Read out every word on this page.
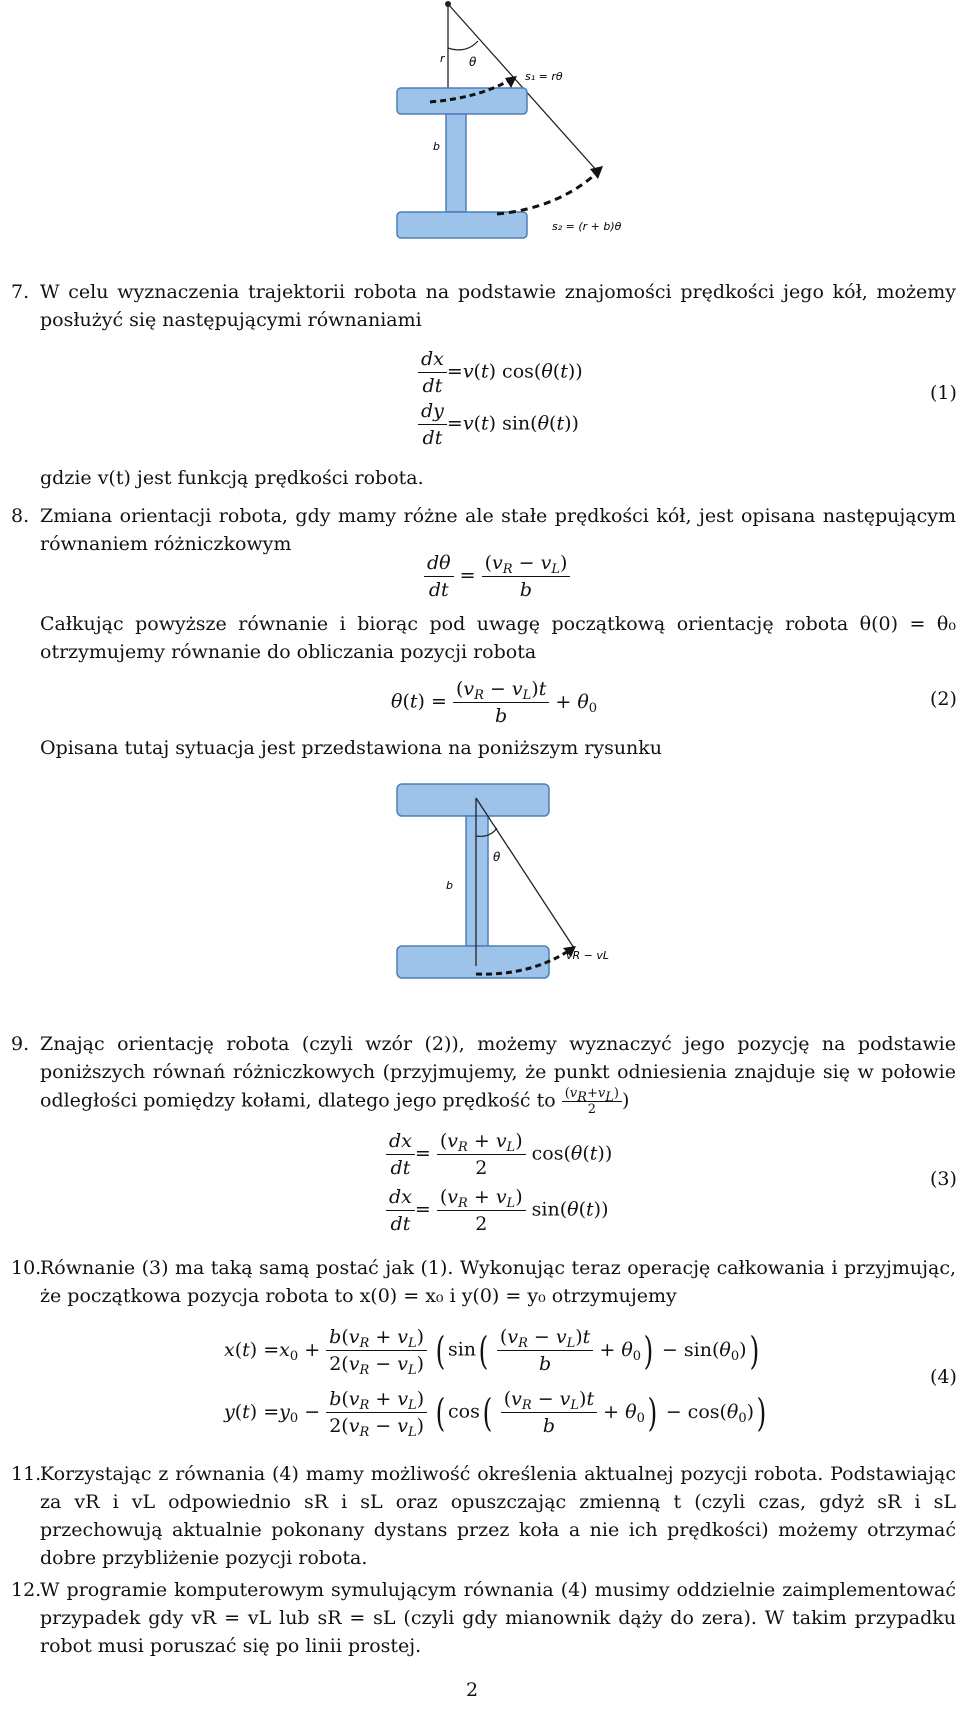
r θ
b
s₁ = rθ
s₂ = (r + b)θ
7. W celu wyznaczenia trajektorii robota na podstawie znajomości prędkości jego kół, możemy posłużyć się następującymi równaniami
$\frac{dx}{dt} =v(t)$ cos(θ(t))
$\frac{dy}{dt} =v(t)$ sin(θ(t))
(1)
gdzie v(t) jest funkcją prędkości robota.
8. Zmiana orientacji robota, gdy mamy różne ale stałe prędkości kół, jest opisana następującym równaniem różniczkowym
$\frac{d\theta}{dt} = \frac{(v_R - v_L)}{b}$
Całkując powyższe równanie i biorąc pod uwagę początkową orientację robota θ(0) = θ₀ otrzymujemy równanie do obliczania pozycji robota
$\theta(t) = \frac{(v_R - v_L)t}{b} + \theta_0$	(2)
Opisana tutaj sytuacja jest przedstawiona na poniższym rysunku
b
θ
vR − vL
9. Znając orientację robota (czyli wzór (2)), możemy wyznaczyć jego pozycję na podstawie poniższych równań różniczkowych (przyjmujemy, że punkt odniesienia znajduje się w połowie odległości pomiędzy kołami, dlatego jego prędkość to $\frac{(v_R+v_L)}{2}$ )
$\frac{dx}{dt} = \frac{(v_R + v_L)}{2} \cos(\theta(t))$
$\frac{dx}{dt} = \frac{(v_R + v_L)}{2} \sin(\theta(t))$
(3)
10.
Równanie (3) ma taką samą postać jak (1). Wykonując teraz operację całkowania i przyjmując, że początkowa pozycja robota to x(0) = x₀ i y(0) = y₀ otrzymujemy
$x(t) =x_0 + \frac{b(v_R + v_L)}{2(v_R - v_L)}$ ( $\sin( \frac{(v_R - v_L)t}{b} + \theta_0) - \sin(\theta_0)$)
$y(t) =y_0 - \frac{b(v_R + v_L)}{2(v_R - v_L)}$ ( $\cos( \frac{(v_R - v_L)t}{b} + \theta_0) - \cos(\theta_0)$)
(4)
11.
Korzystając z równania (4) mamy możliwość określenia aktualnej pozycji robota. Podstawiając za vR i vL odpowiednio sR i sL oraz opuszczając zmienną t (czyli czas, gdyż sR i sL przechowują aktualnie pokonany dystans przez koła a nie ich prędkości) możemy otrzymać dobre przybliżenie pozycji robota.
12.
W programie komputerowym symulującym równania (4) musimy oddzielnie zaimplementować przypadek gdy vR = vL lub sR = sL (czyli gdy mianownik dąży do zera). W takim przypadku robot musi poruszać się po linii prostej.
2
